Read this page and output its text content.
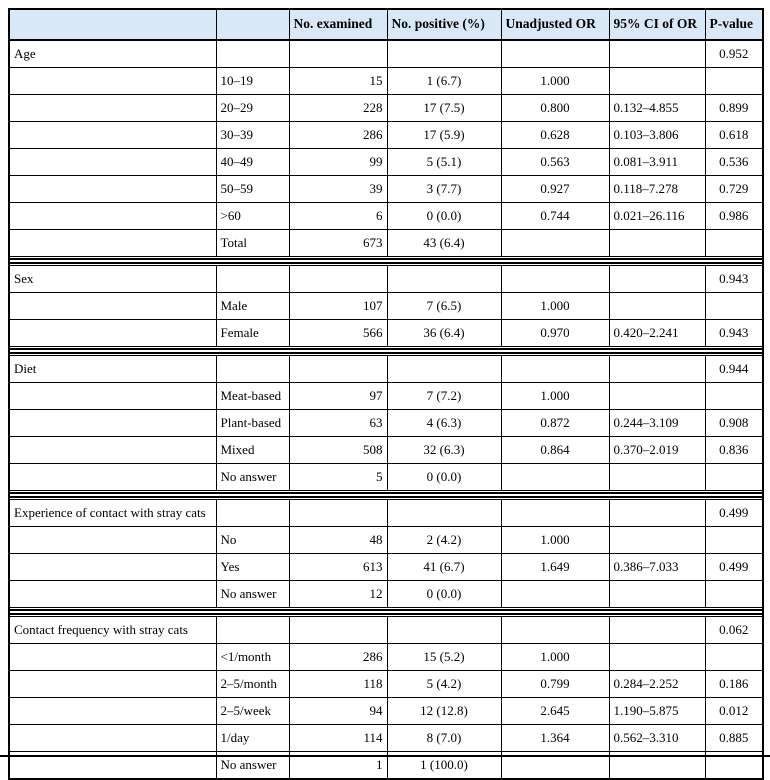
		No. examined	No. positive (%)	Unadjusted OR	95% CI of OR	P-value
Age						0.952
	10–19	15	1 (6.7)	1.000		
	20–29	228	17 (7.5)	0.800	0.132–4.855	0.899
	30–39	286	17 (5.9)	0.628	0.103–3.806	0.618
	40–49	99	5 (5.1)	0.563	0.081–3.911	0.536
	50–59	39	3 (7.7)	0.927	0.118–7.278	0.729
	>60	6	0 (0.0)	0.744	0.021–26.116	0.986
	Total	673	43 (6.4)			

Sex						0.943
	Male	107	7 (6.5)	1.000		
	Female	566	36 (6.4)	0.970	0.420–2.241	0.943

Diet						0.944
	Meat-based	97	7 (7.2)	1.000		
	Plant-based	63	4 (6.3)	0.872	0.244–3.109	0.908
	Mixed	508	32 (6.3)	0.864	0.370–2.019	0.836
	No answer	5	0 (0.0)			

Experience of contact with stray cats						0.499
	No	48	2 (4.2)	1.000		
	Yes	613	41 (6.7)	1.649	0.386–7.033	0.499
	No answer	12	0 (0.0)			

Contact frequency with stray cats						0.062
	<1/month	286	15 (5.2)	1.000		
	2–5/month	118	5 (4.2)	0.799	0.284–2.252	0.186
	2–5/week	94	12 (12.8)	2.645	1.190–5.875	0.012
	1/day	114	8 (7.0)	1.364	0.562–3.310	0.885
	No answer	1	1 (100.0)			
